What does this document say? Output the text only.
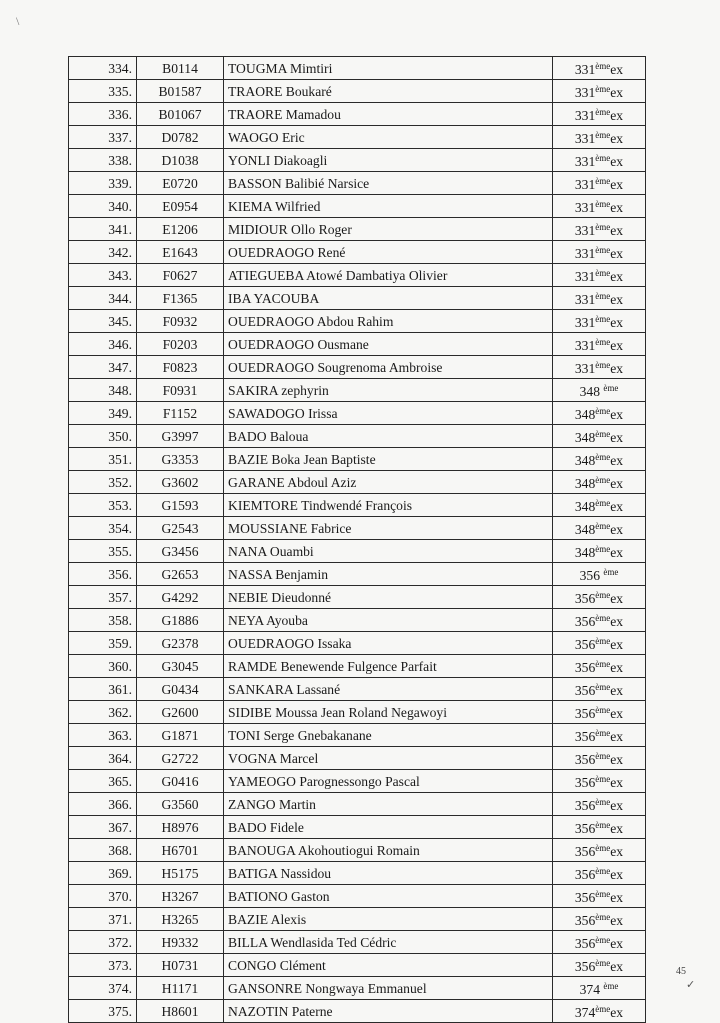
\
334.	B0114	TOUGMA Mimtiri	331èmeex
335.	B01587	TRAORE Boukaré	331èmeex
336.	B01067	TRAORE Mamadou	331èmeex
337.	D0782	WAOGO Eric	331èmeex
338.	D1038	YONLI Diakoagli	331èmeex
339.	E0720	BASSON Balibié Narsice	331èmeex
340.	E0954	KIEMA Wilfried	331èmeex
341.	E1206	MIDIOUR Ollo Roger	331èmeex
342.	E1643	OUEDRAOGO René	331èmeex
343.	F0627	ATIEGUEBA Atowé Dambatiya Olivier	331èmeex
344.	F1365	IBA YACOUBA	331èmeex
345.	F0932	OUEDRAOGO Abdou Rahim	331èmeex
346.	F0203	OUEDRAOGO Ousmane	331èmeex
347.	F0823	OUEDRAOGO Sougrenoma Ambroise	331èmeex
348.	F0931	SAKIRA zephyrin	348 $^{ème}$
349.	F1152	SAWADOGO Irissa	348èmeex
350.	G3997	BADO Baloua	348èmeex
351.	G3353	BAZIE Boka Jean Baptiste	348èmeex
352.	G3602	GARANE Abdoul Aziz	348èmeex
353.	G1593	KIEMTORE Tindwendé François	348èmeex
354.	G2543	MOUSSIANE Fabrice	348èmeex
355.	G3456	NANA Ouambi	348èmeex
356.	G2653	NASSA Benjamin	356 $^{ème}$
357.	G4292	NEBIE Dieudonné	356èmeex
358.	G1886	NEYA Ayouba	356èmeex
359.	G2378	OUEDRAOGO Issaka	356èmeex
360.	G3045	RAMDE Benewende Fulgence Parfait	356èmeex
361.	G0434	SANKARA Lassané	356èmeex
362.	G2600	SIDIBE Moussa Jean Roland Negawoyi	356èmeex
363.	G1871	TONI Serge Gnebakanane	356èmeex
364.	G2722	VOGNA Marcel	356èmeex
365.	G0416	YAMEOGO Parognessongo Pascal	356èmeex
366.	G3560	ZANGO Martin	356èmeex
367.	H8976	BADO Fidele	356èmeex
368.	H6701	BANOUGA Akohoutiogui Romain	356èmeex
369.	H5175	BATIGA Nassidou	356èmeex
370.	H3267	BATIONO Gaston	356èmeex
371.	H3265	BAZIE Alexis	356èmeex
372.	H9332	BILLA Wendlasida Ted Cédric	356èmeex
373.	H0731	CONGO Clément	356èmeex
374.	H1171	GANSONRE Nongwaya Emmanuel	374 $^{ème}$
375.	H8601	NAZOTIN Paterne	374èmeex
45
✓
